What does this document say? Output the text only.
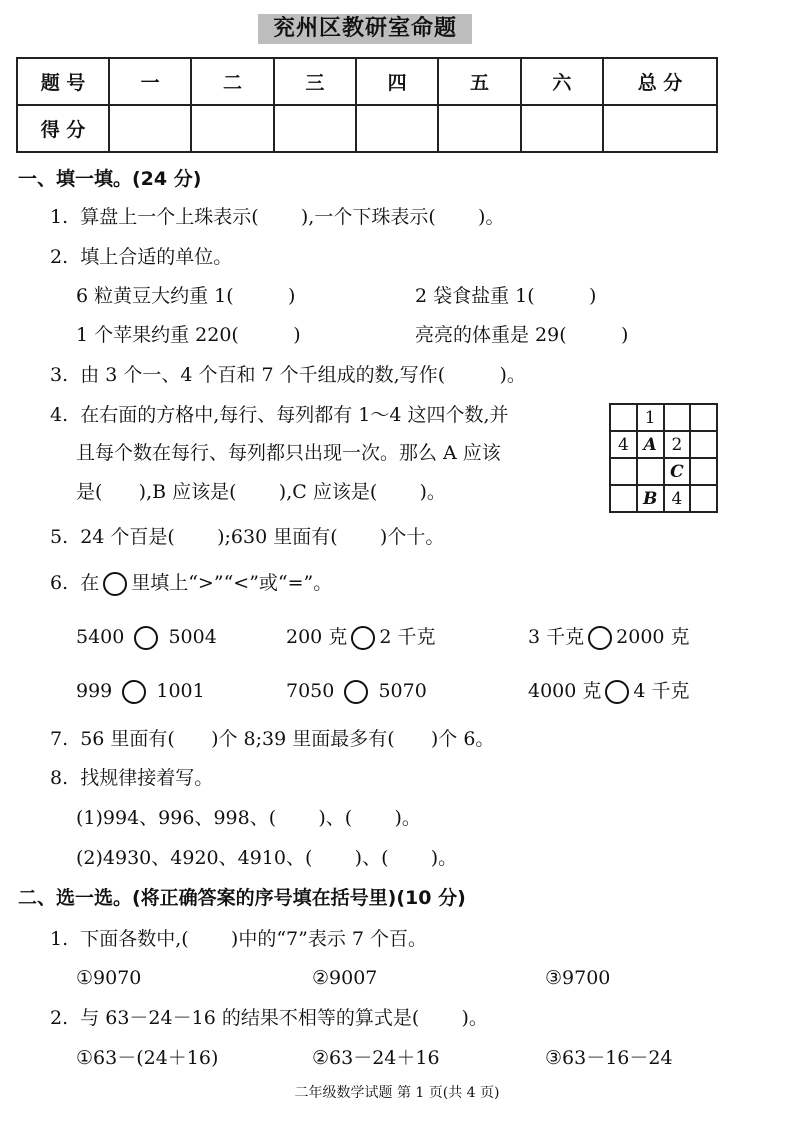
兖州区教研室命题
题 号	一	二	三	四	五	六	总 分
得 分							
一、填一填。(24 分)
1.  算盘上一个上珠表示(       ),一个下珠表示(       )。
2.  填上合适的单位。
6 粒黄豆大约重 1(         )	2 袋食盐重 1(         )
1 个苹果约重 220(         )	亮亮的体重是 29(         )
3.  由 3 个一、4 个百和 7 个千组成的数,写作(         )。
4.  在右面的方格中,每行、每列都有 1～4 这四个数,并
且每个数在每行、每列都只出现一次。那么 A 应该
是(      ),B 应该是(       ),C 应该是(       )。
	1		
4	A	2	
		C	
	B	4	
5.  24 个百是(       );630 里面有(       )个十。
6.  在 里填上“>”“<”或“=”。
5400 5004	200 克 2 千克	3 千克 2000 克
999 1001	7050 5070	4000 克 4 千克
7.  56 里面有(      )个 8;39 里面最多有(      )个 6。
8.  找规律接着写。
(1)994、996、998、(       )、(       )。
(2)4930、4920、4910、(       )、(       )。
二、选一选。(将正确答案的序号填在括号里)(10 分)
1.  下面各数中,(       )中的“7”表示 7 个百。
①9070	②9007	③9700
2.  与 63－24－16 的结果不相等的算式是(       )。
①63－(24＋16)	②63－24＋16	③63－16－24
二年级数学试题 第 1 页(共 4 页)
